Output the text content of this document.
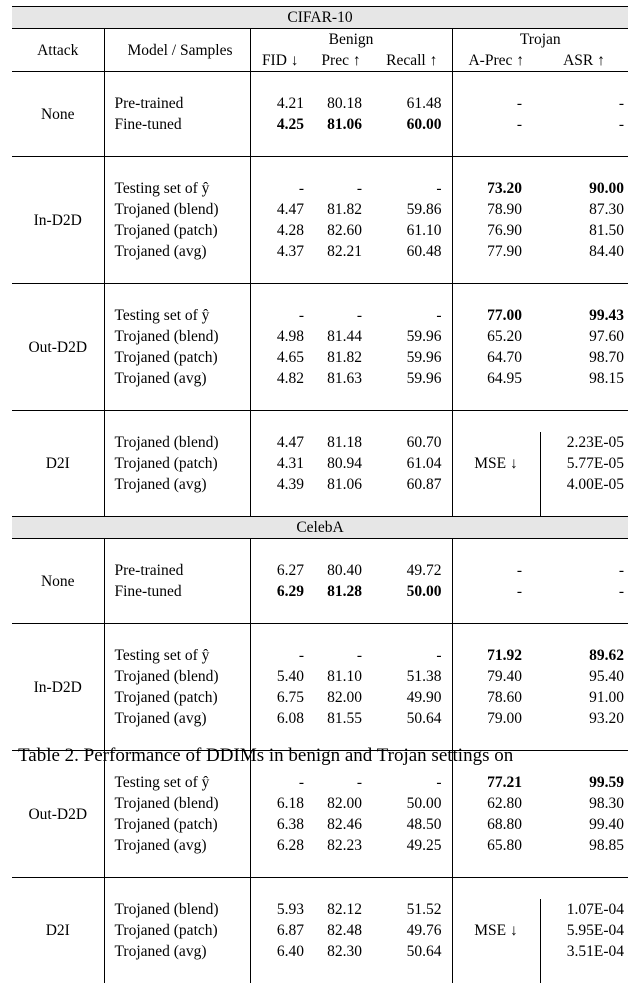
CIFAR-10						
Attack	Model / Samples	Benign			Trojan	
		FID ↓	Prec ↑	Recall ↑	A-Prec ↑	ASR ↑

None	Pre-trained	4.21	80.18	61.48	-	-
	Fine-tuned	4.25	81.06	60.00	-	-

In-D2D	Testing set of ŷ	-	-	-	73.20	90.00
	Trojaned (blend)	4.47	81.82	59.86	78.90	87.30
	Trojaned (patch)	4.28	82.60	61.10	76.90	81.50
	Trojaned (avg)	4.37	82.21	60.48	77.90	84.40

Out-D2D	Testing set of ŷ	-	-	-	77.00	99.43
	Trojaned (blend)	4.98	81.44	59.96	65.20	97.60
	Trojaned (patch)	4.65	81.82	59.96	64.70	98.70
	Trojaned (avg)	4.82	81.63	59.96	64.95	98.15

D2I	Trojaned (blend)	4.47	81.18	60.70	MSE ↓	2.23E-05
	Trojaned (patch)	4.31	80.94	61.04		5.77E-05
	Trojaned (avg)	4.39	81.06	60.87		4.00E-05

CelebA						

None	Pre-trained	6.27	80.40	49.72	-	-
	Fine-tuned	6.29	81.28	50.00	-	-

In-D2D	Testing set of ŷ	-	-	-	71.92	89.62
	Trojaned (blend)	5.40	81.10	51.38	79.40	95.40
	Trojaned (patch)	6.75	82.00	49.90	78.60	91.00
	Trojaned (avg)	6.08	81.55	50.64	79.00	93.20

Out-D2D	Testing set of ŷ	-	-	-	77.21	99.59
	Trojaned (blend)	6.18	82.00	50.00	62.80	98.30
	Trojaned (patch)	6.38	82.46	48.50	68.80	99.40
	Trojaned (avg)	6.28	82.23	49.25	65.80	98.85

D2I	Trojaned (blend)	5.93	82.12	51.52	MSE ↓	1.07E-04
	Trojaned (patch)	6.87	82.48	49.76		5.95E-04
	Trojaned (avg)	6.40	82.30	50.64		3.51E-04

Table 2. Performance of DDIMs in benign and Trojan settings on
